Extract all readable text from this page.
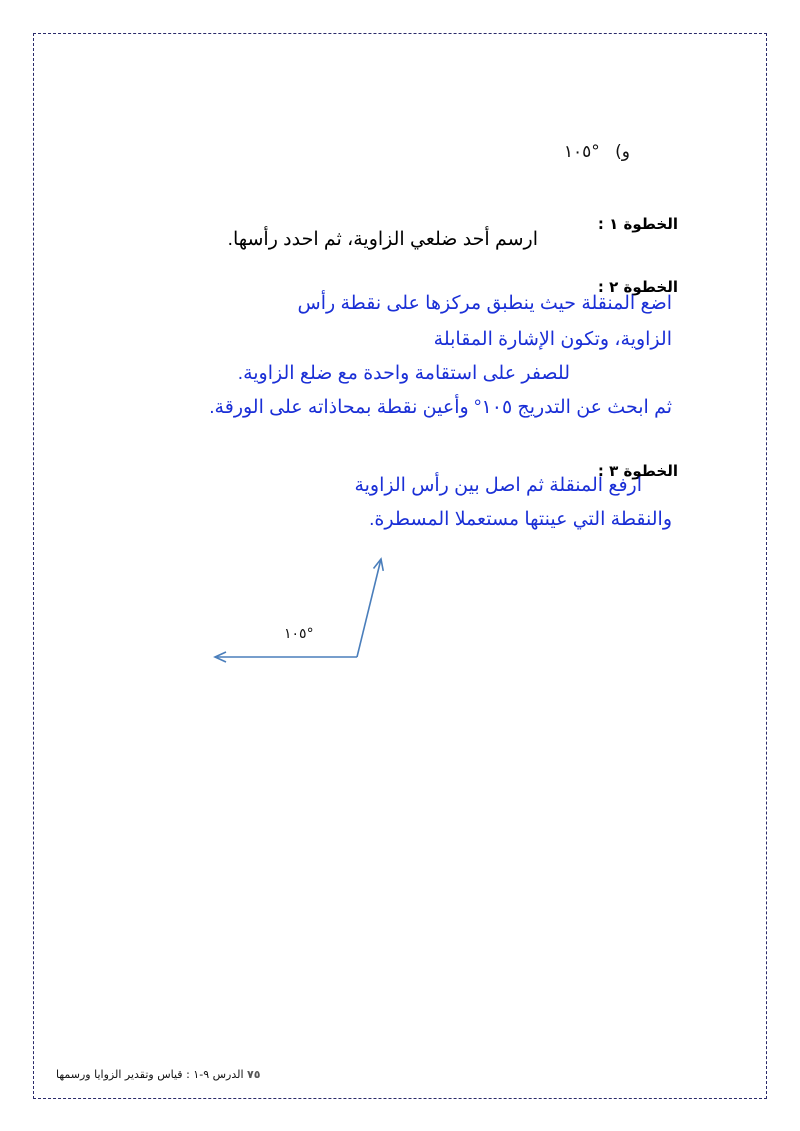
و) °١٠٥
الخطوة ١ :
ارسم أحد ضلعي الزاوية، ثم احدد رأسها.
الخطوة ٢ :
اضع المنقلة حيث ينطبق مركزها على نقطة رأس
الزاوية، وتكون الإشارة المقابلة
للصفر على استقامة واحدة مع ضلع الزاوية.
ثم ابحث عن التدريج ١٠٥° وأعين نقطة بمحاذاته على الورقة.
الخطوة ٣ :
ارفع المنقلة ثم اصل بين رأس الزاوية
والنقطة التي عينتها مستعملا المسطرة.
°١٠٥
٧٥ الدرس ٩-١ : قياس وتقدير الزوايا ورسمها
